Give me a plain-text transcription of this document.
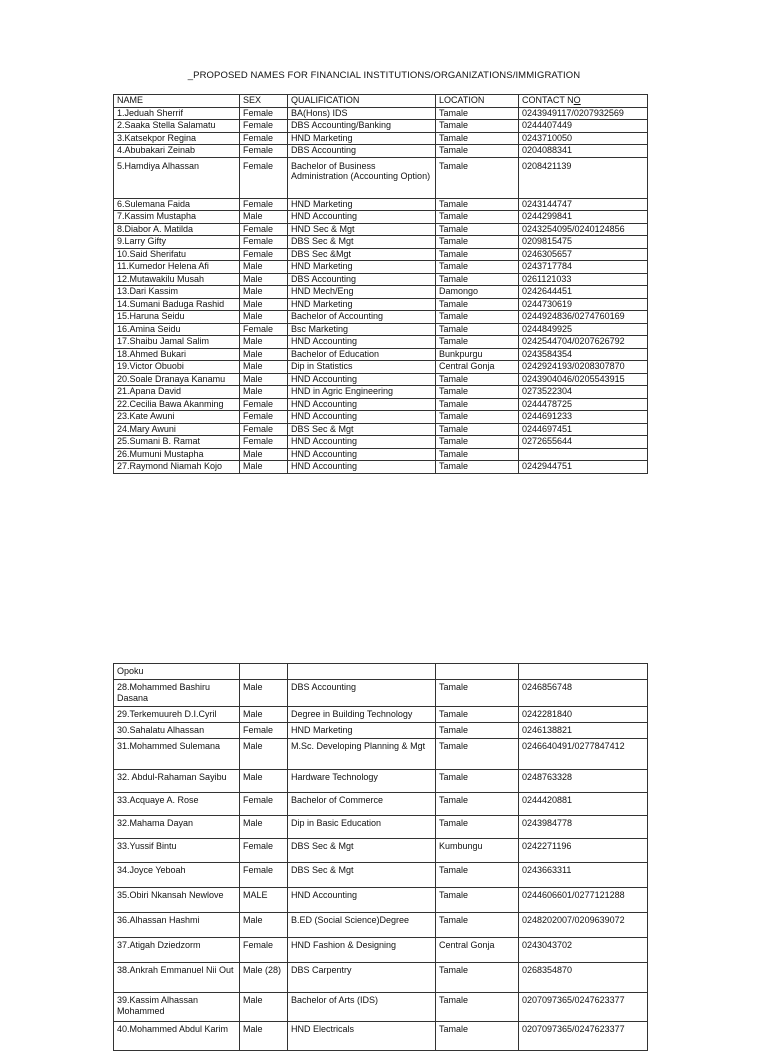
_PROPOSED NAMES FOR FINANCIAL INSTITUTIONS/ORGANIZATIONS/IMMIGRATION
NAME	SEX	QUALIFICATION	LOCATION	CONTACT NO
1.Jeduah Sherrif	Female	BA(Hons) IDS	Tamale	0243949117/0207932569
2.Saaka Stella Salamatu	Female	DBS Accounting/Banking	Tamale	0244407449
3.Katsekpor Regina	Female	HND Marketing	Tamale	0243710050
4.Abubakari Zeinab	Female	DBS Accounting	Tamale	0204088341
5.Hamdiya Alhassan	Female	Bachelor of Business Administration (Accounting Option)	Tamale	0208421139
6.Sulemana Faida	Female	HND Marketing	Tamale	0243144747
7.Kassim Mustapha	Male	HND Accounting	Tamale	0244299841
8.Diabor A. Matilda	Female	HND Sec & Mgt	Tamale	0243254095/0240124856
9.Larry Gifty	Female	DBS Sec & Mgt	Tamale	0209815475
10.Said Sherifatu	Female	DBS Sec &Mgt	Tamale	0246305657
11.Kumedor Helena Afi	Male	HND Marketing	Tamale	0243717784
12.Mutawakilu Musah	Male	DBS Accounting	Tamale	0261121033
13.Dari Kassim	Male	HND Mech/Eng	Damongo	0242644451
14.Sumani Baduga Rashid	Male	HND Marketing	Tamale	0244730619
15.Haruna Seidu	Male	Bachelor of Accounting	Tamale	0244924836/0274760169
16.Amina Seidu	Female	Bsc Marketing	Tamale	0244849925
17.Shaibu Jamal Salim	Male	HND Accounting	Tamale	0242544704/0207626792
18.Ahmed Bukari	Male	Bachelor of Education	Bunkpurgu	0243584354
19.Victor Obuobi	Male	Dip in Statistics	Central Gonja	0242924193/0208307870
20.Soale Dranaya Kanamu	Male	HND Accounting	Tamale	0243904046/0205543915
21.Apana David	Male	HND in Agric Engineering	Tamale	0273522304
22.Cecilia Bawa Akanming	Female	HND Accounting	Tamale	0244478725
23.Kate Awuni	Female	HND Accounting	Tamale	0244691233
24.Mary Awuni	Female	DBS Sec & Mgt	Tamale	0244697451
25.Sumani B. Ramat	Female	HND Accounting	Tamale	0272655644
26.Mumuni Mustapha	Male	HND Accounting	Tamale	
27.Raymond Niamah Kojo	Male	HND Accounting	Tamale	0242944751
Opoku				
28.Mohammed Bashiru Dasana	Male	DBS Accounting	Tamale	0246856748
29.Terkemuureh D.I.Cyril	Male	Degree in Building Technology	Tamale	0242281840
30.Sahalatu Alhassan	Female	HND Marketing	Tamale	0246138821
31.Mohammed Sulemana	Male	M.Sc. Developing Planning & Mgt	Tamale	0246640491/0277847412
32. Abdul-Rahaman Sayibu	Male	Hardware Technology	Tamale	0248763328
33.Acquaye A. Rose	Female	Bachelor of Commerce	Tamale	0244420881
32.Mahama Dayan	Male	Dip in Basic Education	Tamale	0243984778
33.Yussif Bintu	Female	DBS Sec & Mgt	Kumbungu	0242271196
34.Joyce Yeboah	Female	DBS Sec & Mgt	Tamale	0243663311
35.Obiri Nkansah Newlove	MALE	HND Accounting	Tamale	0244606601/0277121288
36.Alhassan Hashmi	Male	B.ED (Social Science)Degree	Tamale	0248202007/0209639072
37.Atigah Dziedzorm	Female	HND Fashion & Designing	Central Gonja	0243043702
38.Ankrah Emmanuel Nii Out	Male (28)	DBS Carpentry	Tamale	0268354870
39.Kassim Alhassan Mohammed	Male	Bachelor of Arts (IDS)	Tamale	0207097365/0247623377
40.Mohammed Abdul Karim	Male	HND Electricals	Tamale	0207097365/0247623377
